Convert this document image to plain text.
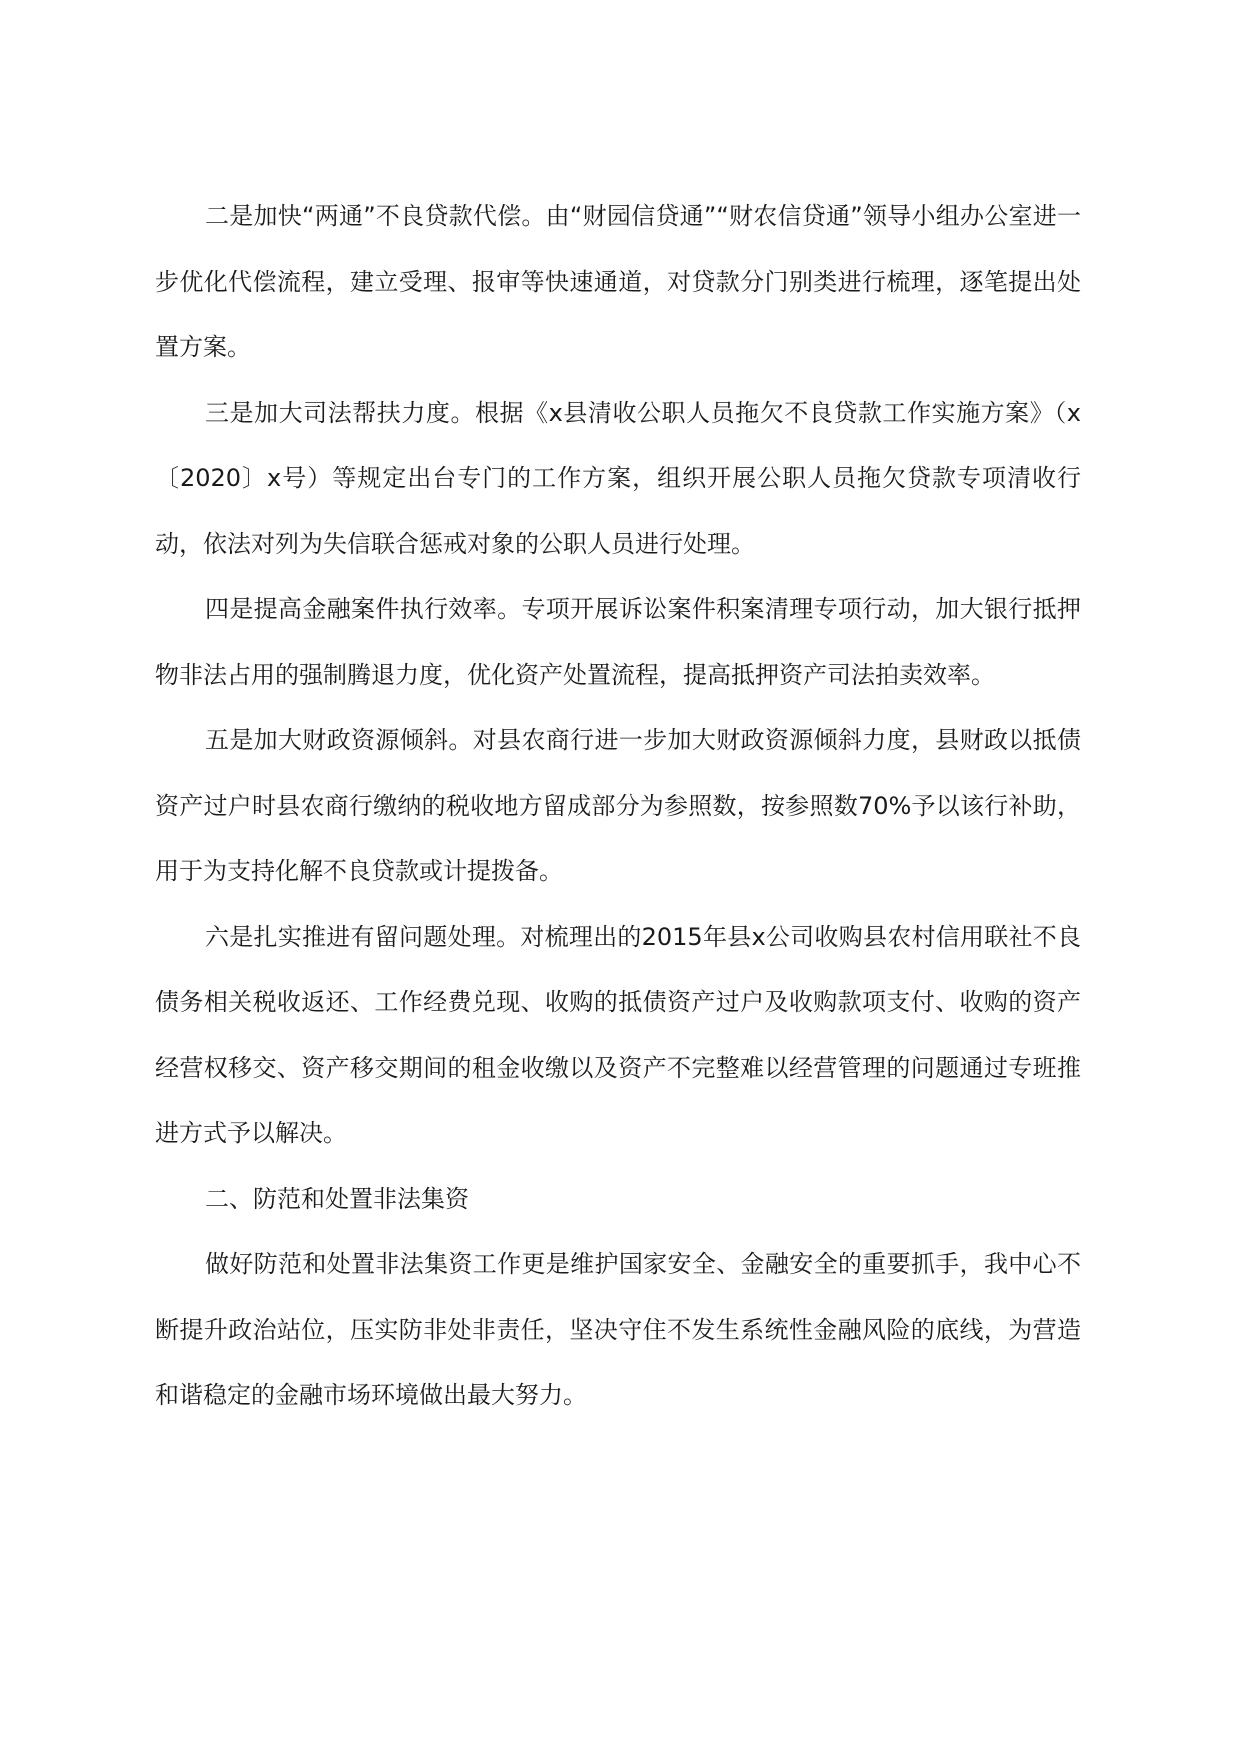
二是加快“两通”不良贷款代偿。由“财园信贷通”“财农信贷通”领导小组办公室进一步优化代偿流程，建立受理、报审等快速通道，对贷款分门别类进行梳理，逐笔提出处置方案。

三是加大司法帮扶力度。根据《x县清收公职人员拖欠不良贷款工作实施方案》（x〔2020〕x号）等规定出台专门的工作方案，组织开展公职人员拖欠贷款专项清收行动，依法对列为失信联合惩戒对象的公职人员进行处理。

四是提高金融案件执行效率。专项开展诉讼案件积案清理专项行动，加大银行抵押物非法占用的强制腾退力度，优化资产处置流程，提高抵押资产司法拍卖效率。

五是加大财政资源倾斜。对县农商行进一步加大财政资源倾斜力度，县财政以抵债资产过户时县农商行缴纳的税收地方留成部分为参照数，按参照数70%予以该行补助，用于为支持化解不良贷款或计提拨备。

六是扎实推进有留问题处理。对梳理出的2015年县x公司收购县农村信用联社不良债务相关税收返还、工作经费兑现、收购的抵债资产过户及收购款项支付、收购的资产经营权移交、资产移交期间的租金收缴以及资产不完整难以经营管理的问题通过专班推进方式予以解决。

二、防范和处置非法集资

做好防范和处置非法集资工作更是维护国家安全、金融安全的重要抓手，我中心不断提升政治站位，压实防非处非责任，坚决守住不发生系统性金融风险的底线，为营造和谐稳定的金融市场环境做出最大努力。
